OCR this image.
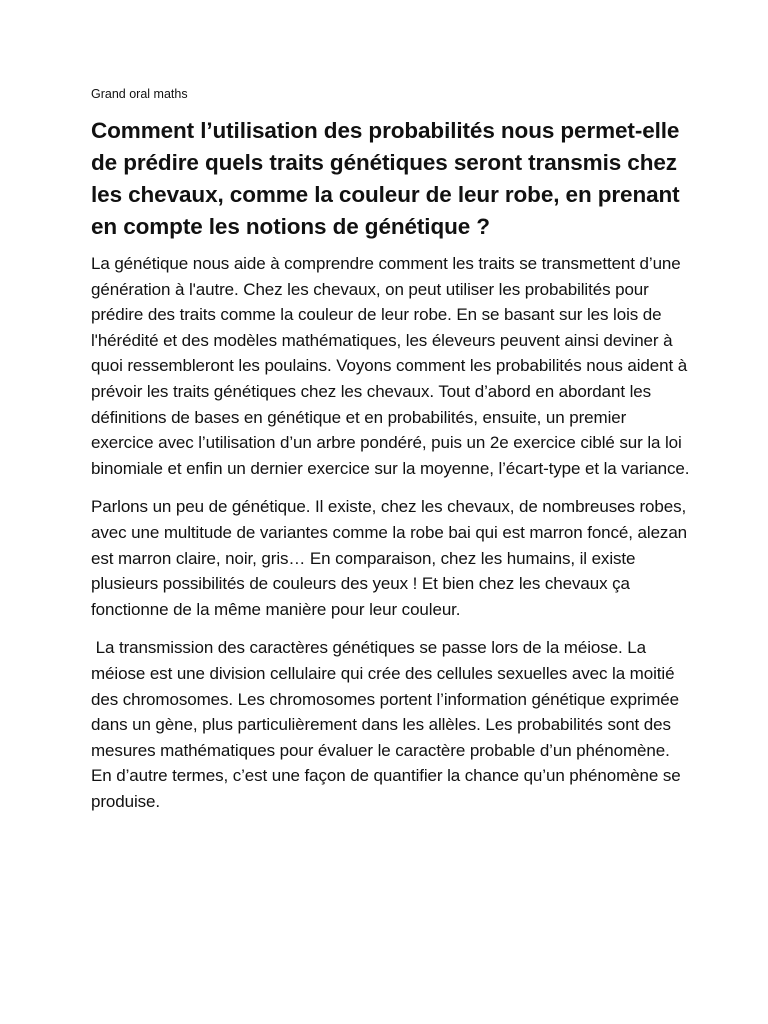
Grand oral maths
Comment l’utilisation des probabilités nous permet-elle de prédire quels traits génétiques seront transmis chez les chevaux, comme la couleur de leur robe, en prenant en compte les notions de génétique ?

La génétique nous aide à comprendre comment les traits se transmettent d’une génération à l'autre. Chez les chevaux, on peut utiliser les probabilités pour prédire des traits comme la couleur de leur robe. En se basant sur les lois de l'hérédité et des modèles mathématiques, les éleveurs peuvent ainsi deviner à quoi ressembleront les poulains. Voyons comment les probabilités nous aident à prévoir les traits génétiques chez les chevaux. Tout d’abord en abordant les définitions de bases en génétique et en probabilités, ensuite, un premier exercice avec l’utilisation d’un arbre pondéré, puis un 2e exercice ciblé sur la loi binomiale et enfin un dernier exercice sur la moyenne, l’écart-type et la variance.

Parlons un peu de génétique. Il existe, chez les chevaux, de nombreuses robes, avec une multitude de variantes comme la robe bai qui est marron foncé, alezan est marron claire, noir, gris… En comparaison, chez les humains, il existe plusieurs possibilités de couleurs des yeux ! Et bien chez les chevaux ça fonctionne de la même manière pour leur couleur.

La transmission des caractères génétiques se passe lors de la méiose. La méiose est une division cellulaire qui crée des cellules sexuelles avec la moitié des chromosomes. Les chromosomes portent l’information génétique exprimée dans un gène, plus particulièrement dans les allèles. Les probabilités sont des mesures mathématiques pour évaluer le caractère probable d’un phénomène. En d’autre termes, c’est une façon de quantifier la chance qu’un phénomène se produise.
